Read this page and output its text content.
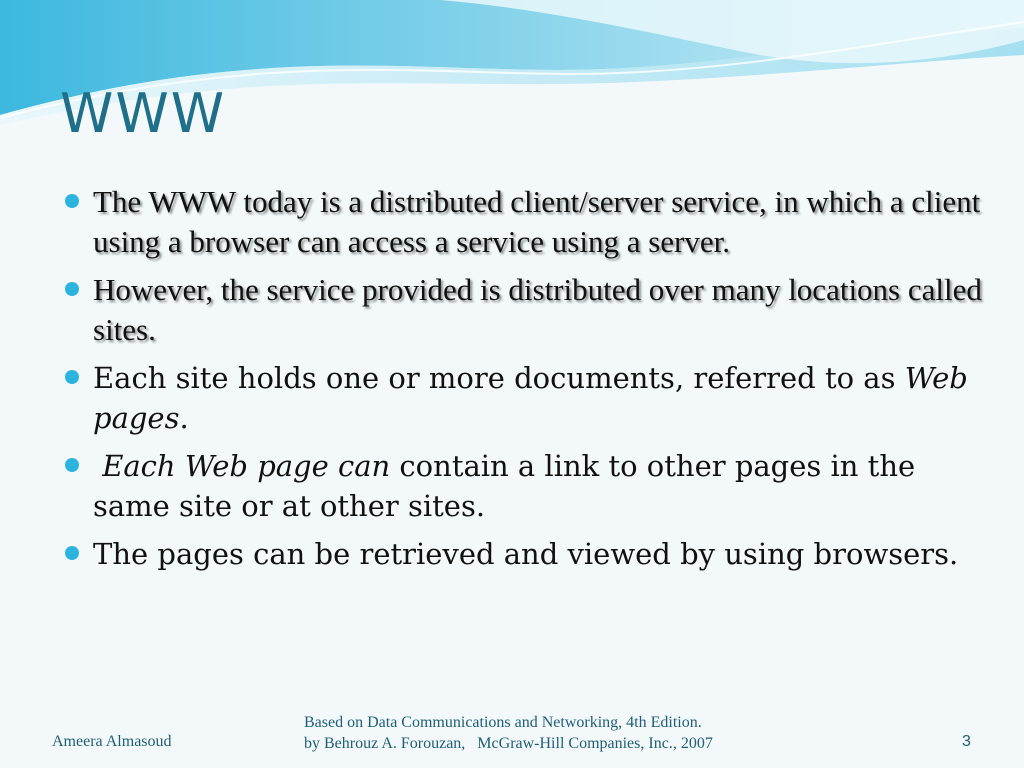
WWW

The WWW today is a distributed client/server service, in which a client using a browser can access a service using a server.

However, the service provided is distributed over many locations called sites.

Each site holds one or more documents, referred to as Web pages.

Each Web page can contain a link to other pages in the same site or at other sites.

The pages can be retrieved and viewed by using browsers.

Ameera Almasoud
Based on Data Communications and Networking, 4th Edition.
by Behrouz A. Forouzan,   McGraw-Hill Companies, Inc., 2007	3
